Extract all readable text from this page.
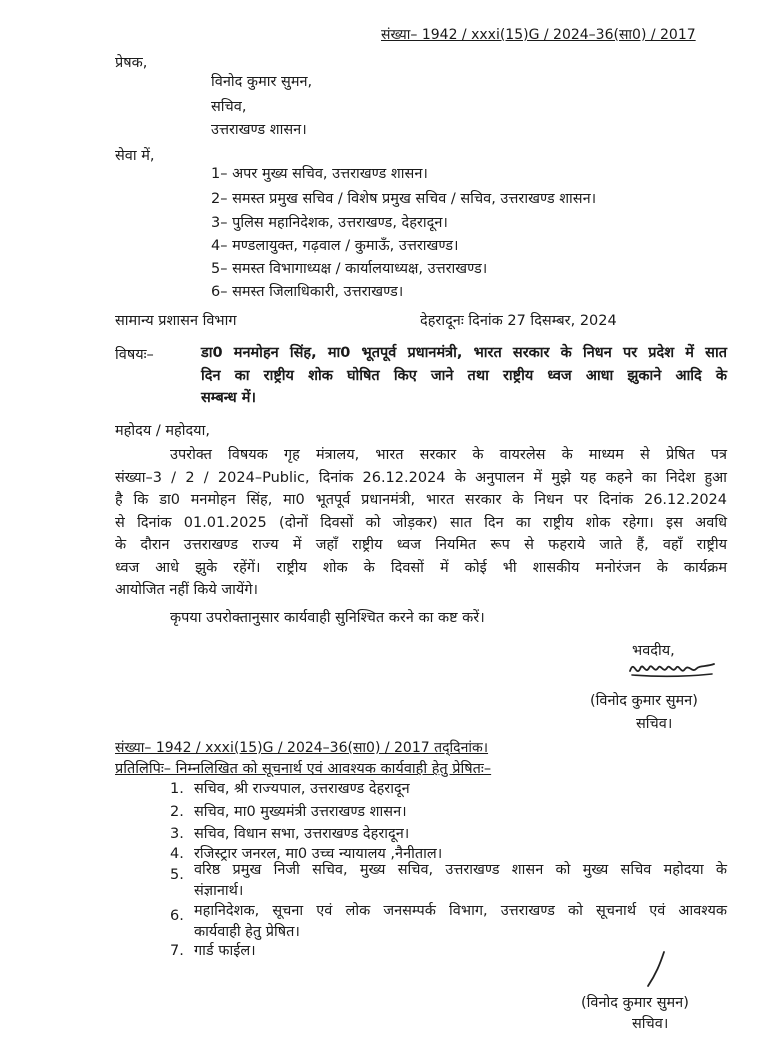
संख्या– 1942 / xxxi(15)G / 2024–36(सा0) / 2017
प्रेषक,
विनोद कुमार सुमन,
सचिव,
उत्तराखण्ड शासन।
सेवा में,
1– अपर मुख्य सचिव, उत्तराखण्ड शासन।
2– समस्त प्रमुख सचिव / विशेष प्रमुख सचिव / सचिव, उत्तराखण्ड शासन।
3– पुलिस महानिदेशक, उत्तराखण्ड, देहरादून।
4– मण्डलायुक्त, गढ़वाल / कुमाऊँ, उत्तराखण्ड।
5– समस्त विभागाध्यक्ष / कार्यालयाध्यक्ष, उत्तराखण्ड।
6– समस्त जिलाधिकारी, उत्तराखण्ड।
सामान्य प्रशासन विभाग	देहरादूनः दिनांक 27 दिसम्बर, 2024
विषयः–	डा0 मनमोहन सिंह, मा0 भूतपूर्व प्रधानमंत्री, भारत सरकार के निधन पर प्रदेश में सात
दिन का राष्ट्रीय शोक घोषित किए जाने तथा राष्ट्रीय ध्वज आधा झुकाने आदि के
सम्बन्ध में।
महोदय / महोदया,
उपरोक्त विषयक गृह मंत्रालय, भारत सरकार के वायरलेस के माध्यम से प्रेषित पत्र
संख्या–3 / 2 / 2024–Public, दिनांक 26.12.2024 के अनुपालन में मुझे यह कहने का निदेश हुआ
है कि डा0 मनमोहन सिंह, मा0 भूतपूर्व प्रधानमंत्री, भारत सरकार के निधन पर दिनांक 26.12.2024
से दिनांक 01.01.2025 (दोनों दिवसों को जोड़कर) सात दिन का राष्ट्रीय शोक रहेगा। इस अवधि
के दौरान उत्तराखण्ड राज्य में जहाँ राष्ट्रीय ध्वज नियमित रूप से फहराये जाते हैं, वहाँ राष्ट्रीय
ध्वज आधे झुके रहेंगें। राष्ट्रीय शोक के दिवसों में कोई भी शासकीय मनोरंजन के कार्यक्रम
आयोजित नहीं किये जायेंगे।
कृपया उपरोक्तानुसार कार्यवाही सुनिश्चित करने का कष्ट करें।
भवदीय,
(विनोद कुमार सुमन)
सचिव।
संख्या– 1942 / xxxi(15)G / 2024–36(सा0) / 2017 तद्‌दिनांक।
प्रतिलिपिः– निम्नलिखित को सूचनार्थ एवं आवश्यक कार्यवाही हेतु प्रेषितः–
1. सचिव, श्री राज्यपाल, उत्तराखण्ड देहरादून
2. सचिव, मा0 मुख्यमंत्री उत्तराखण्ड शासन।
3. सचिव, विधान सभा, उत्तराखण्ड देहरादून।
4. रजिस्ट्रार जनरल, मा0 उच्च न्यायालय ,नैनीताल।
5. वरिष्ठ प्रमुख निजी सचिव, मुख्य सचिव, उत्तराखण्ड शासन को मुख्य सचिव महोदया के
संज्ञानार्थ।
6. महानिदेशक, सूचना एवं लोक जनसम्पर्क विभाग, उत्तराखण्ड को सूचनार्थ एवं आवश्यक
कार्यवाही हेतु प्रेषित।
7. गार्ड फाईल।
(विनोद कुमार सुमन)
सचिव।
